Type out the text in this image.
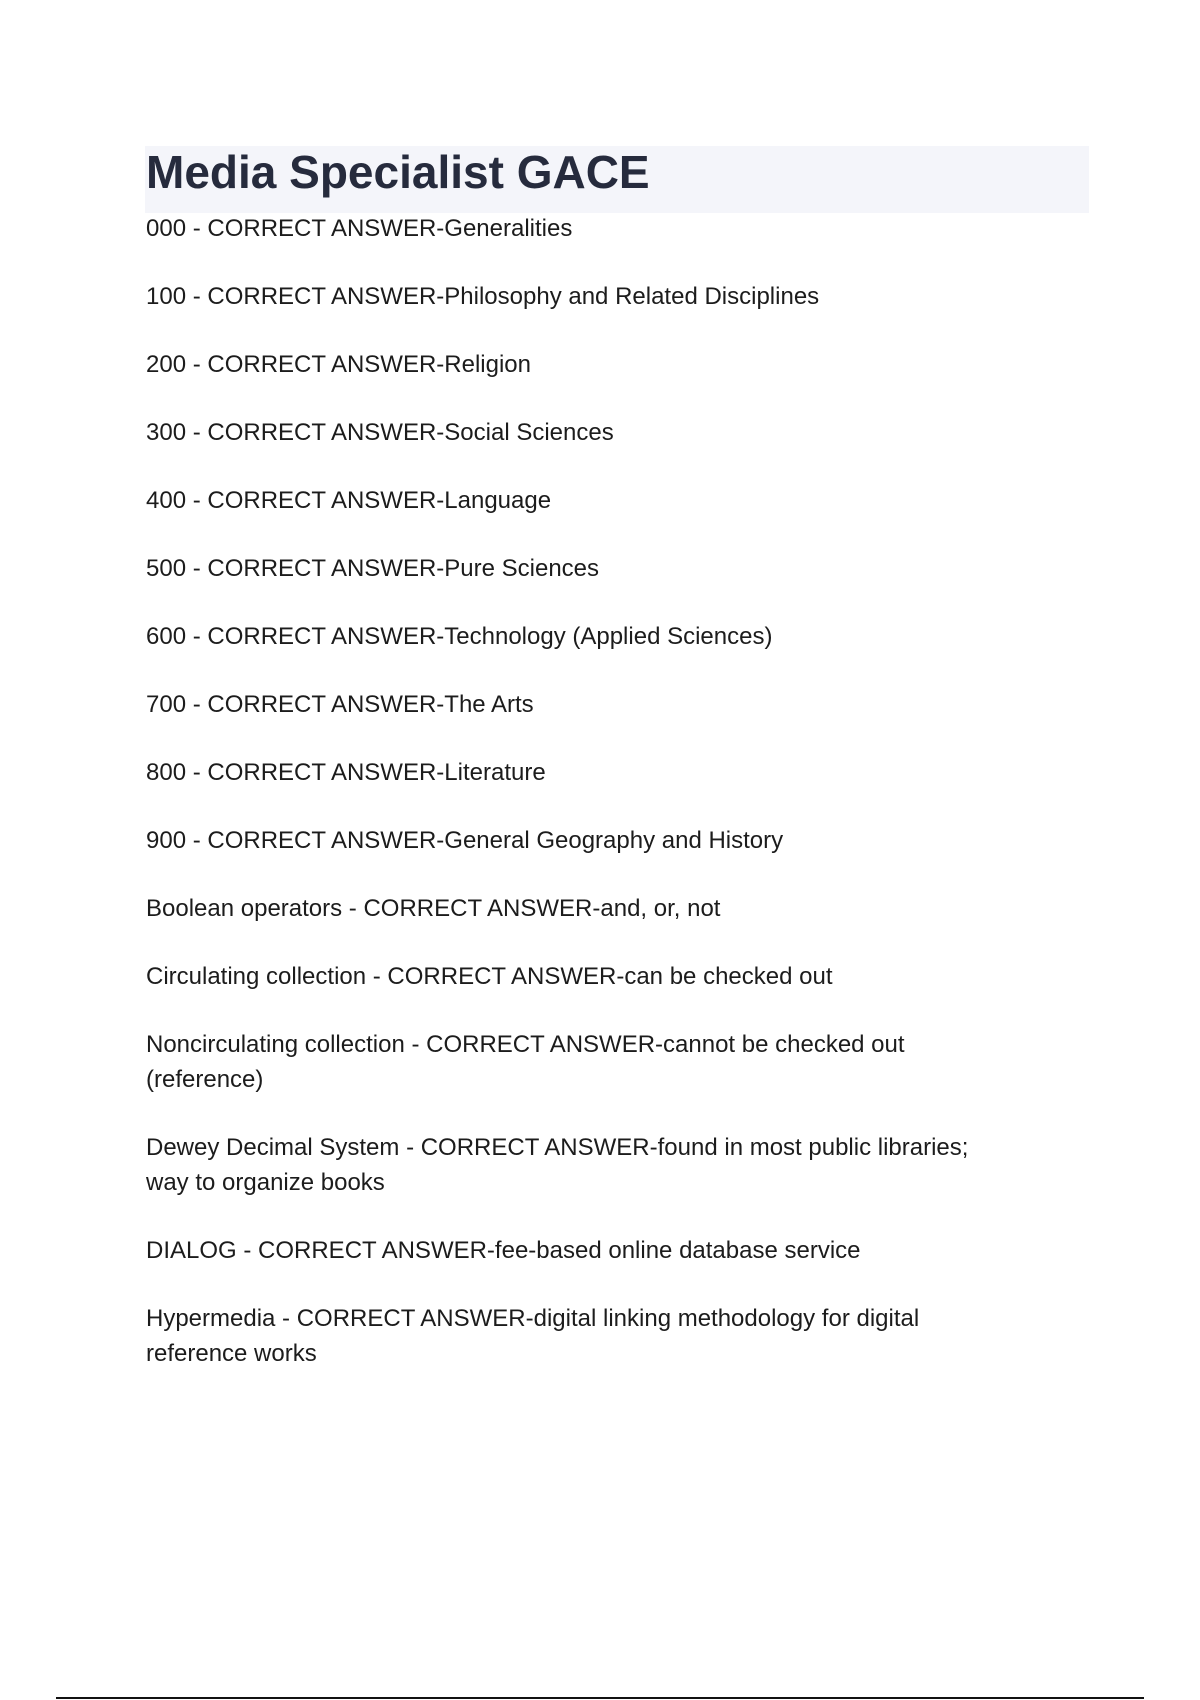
Media Specialist GACE
000 - CORRECT ANSWER-Generalities
100 - CORRECT ANSWER-Philosophy and Related Disciplines
200 - CORRECT ANSWER-Religion
300 - CORRECT ANSWER-Social Sciences
400 - CORRECT ANSWER-Language
500 - CORRECT ANSWER-Pure Sciences
600 - CORRECT ANSWER-Technology (Applied Sciences)
700 - CORRECT ANSWER-The Arts
800 - CORRECT ANSWER-Literature
900 - CORRECT ANSWER-General Geography and History
Boolean operators - CORRECT ANSWER-and, or, not
Circulating collection - CORRECT ANSWER-can be checked out
Noncirculating collection - CORRECT ANSWER-cannot be checked out
(reference)
Dewey Decimal System - CORRECT ANSWER-found in most public libraries;
way to organize books
DIALOG - CORRECT ANSWER-fee-based online database service
Hypermedia - CORRECT ANSWER-digital linking methodology for digital
reference works
